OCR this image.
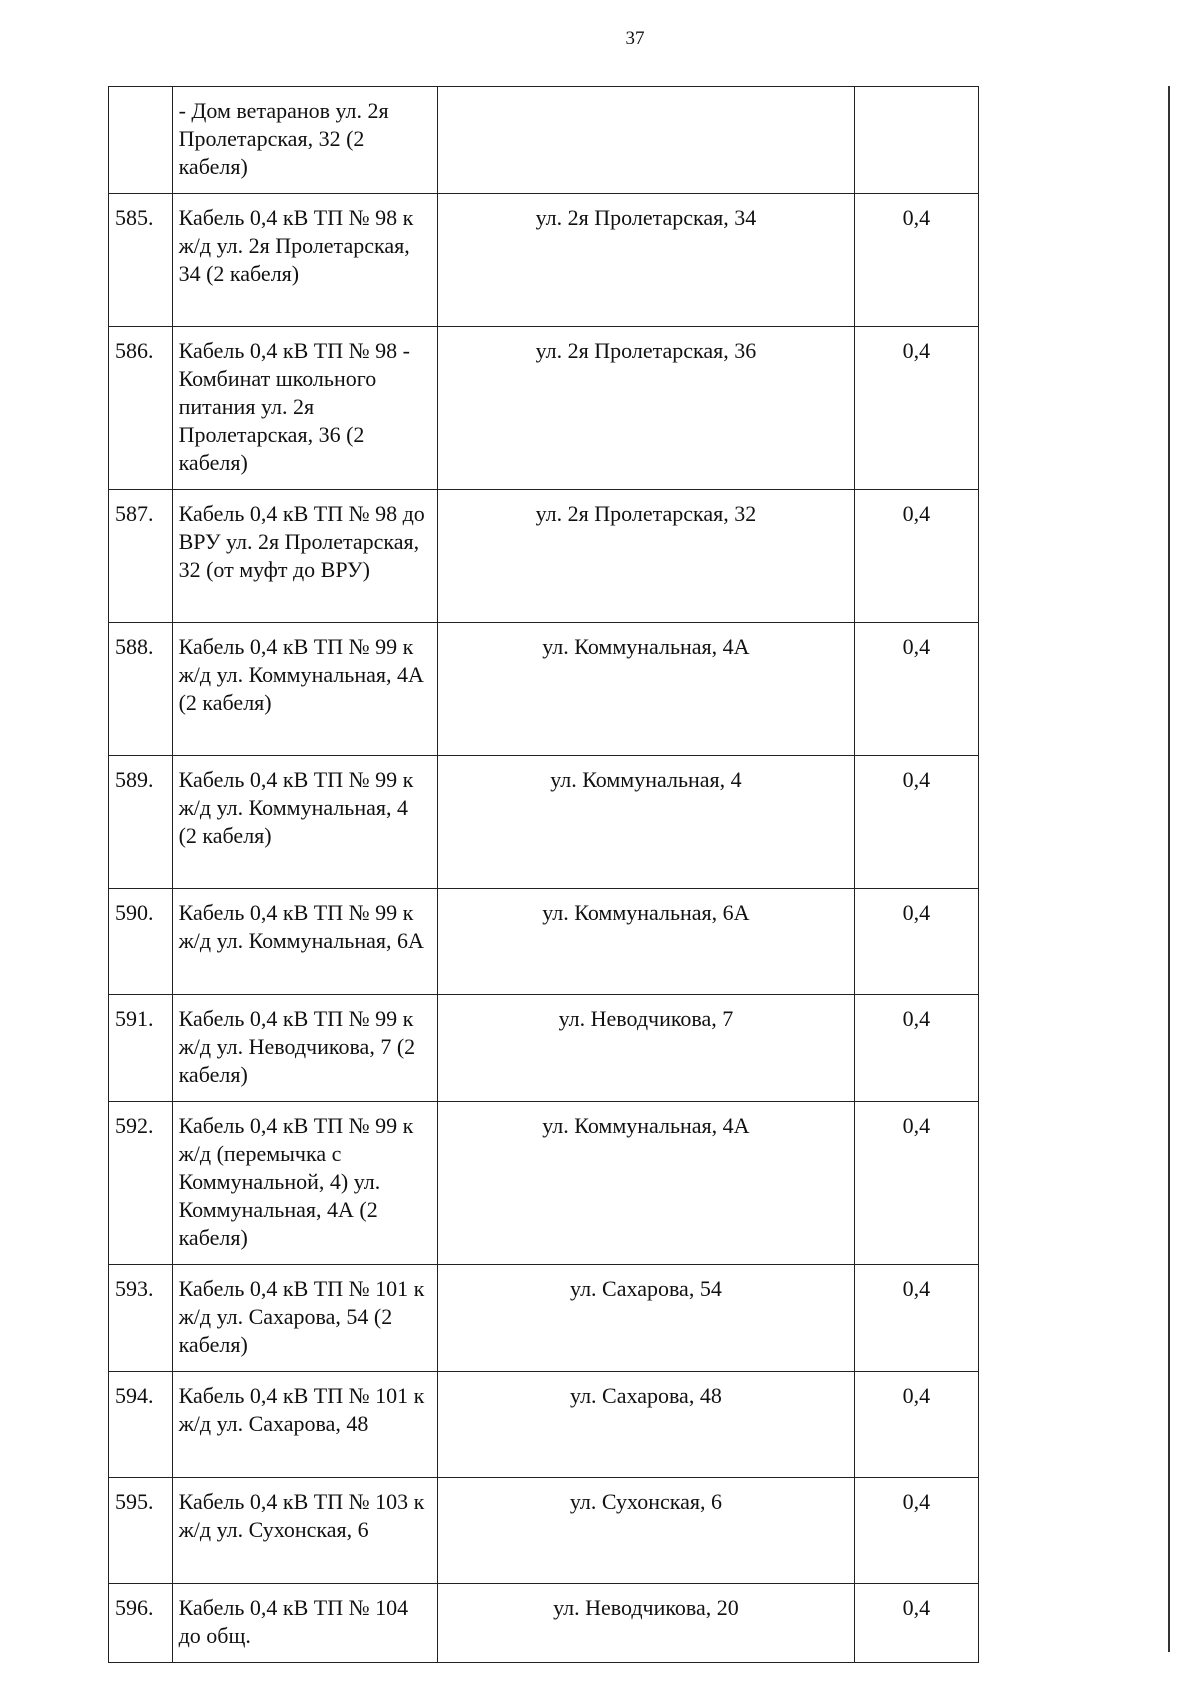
37
	- Дом ветаранов ул. 2я Пролетарская, 32 (2 кабеля)		
585.	Кабель 0,4 кВ ТП № 98 к ж/д ул. 2я Пролетарская, 34 (2 кабеля)	ул. 2я Пролетарская, 34	0,4
586.	Кабель 0,4 кВ ТП № 98 - Комбинат школьного питания ул. 2я Пролетарская, 36 (2 кабеля)	ул. 2я Пролетарская, 36	0,4
587.	Кабель 0,4 кВ ТП № 98 до ВРУ ул. 2я Пролетарская, 32 (от муфт до ВРУ)	ул. 2я Пролетарская, 32	0,4
588.	Кабель 0,4 кВ ТП № 99 к ж/д ул. Коммунальная, 4А (2 кабеля)	ул. Коммунальная, 4А	0,4
589.	Кабель 0,4 кВ ТП № 99 к ж/д ул. Коммунальная, 4 (2 кабеля)	ул. Коммунальная, 4	0,4
590.	Кабель 0,4 кВ ТП № 99 к ж/д ул. Коммунальная, 6А	ул. Коммунальная, 6А	0,4
591.	Кабель 0,4 кВ ТП № 99 к ж/д ул. Неводчикова, 7 (2 кабеля)	ул. Неводчикова, 7	0,4
592.	Кабель 0,4 кВ ТП № 99 к ж/д (перемычка с Коммунальной, 4) ул. Коммунальная, 4А (2 кабеля)	ул. Коммунальная, 4А	0,4
593.	Кабель 0,4 кВ ТП № 101 к ж/д ул. Сахарова, 54 (2 кабеля)	ул. Сахарова, 54	0,4
594.	Кабель 0,4 кВ ТП № 101 к ж/д ул. Сахарова, 48	ул. Сахарова, 48	0,4
595.	Кабель 0,4 кВ ТП № 103 к ж/д ул. Сухонская, 6	ул. Сухонская, 6	0,4
596.	Кабель 0,4 кВ ТП № 104 до общ.	ул. Неводчикова, 20	0,4
